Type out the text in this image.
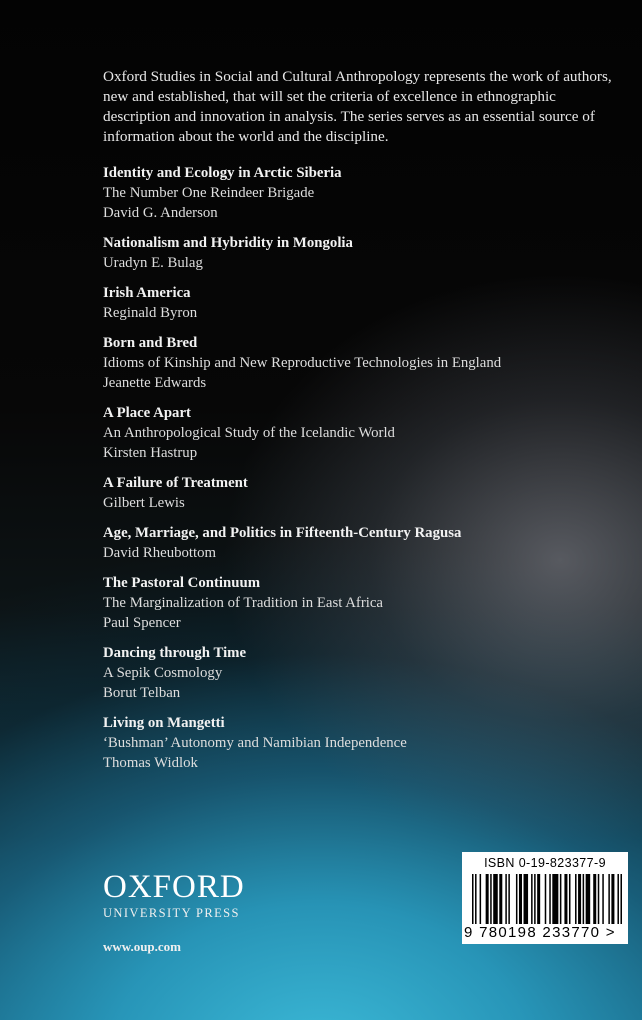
Oxford Studies in Social and Cultural Anthropology represents the work of authors, new and established, that will set the criteria of excellence in ethnographic description and innovation in analysis. The series serves as an essential source of information about the world and the discipline.

Identity and Ecology in Arctic Siberia
The Number One Reindeer Brigade
David G. Anderson
Nationalism and Hybridity in Mongolia
Uradyn E. Bulag
Irish America
Reginald Byron
Born and Bred
Idioms of Kinship and New Reproductive Technologies in England
Jeanette Edwards
A Place Apart
An Anthropological Study of the Icelandic World
Kirsten Hastrup
A Failure of Treatment
Gilbert Lewis
Age, Marriage, and Politics in Fifteenth-Century Ragusa
David Rheubottom
The Pastoral Continuum
The Marginalization of Tradition in East Africa
Paul Spencer
Dancing through Time
A Sepik Cosmology
Borut Telban
Living on Mangetti
‘Bushman’ Autonomy and Namibian Independence
Thomas Widlok
OXFORD
UNIVERSITY PRESS
www.oup.com
ISBN 0-19-823377-9
9 780198 233770 >
